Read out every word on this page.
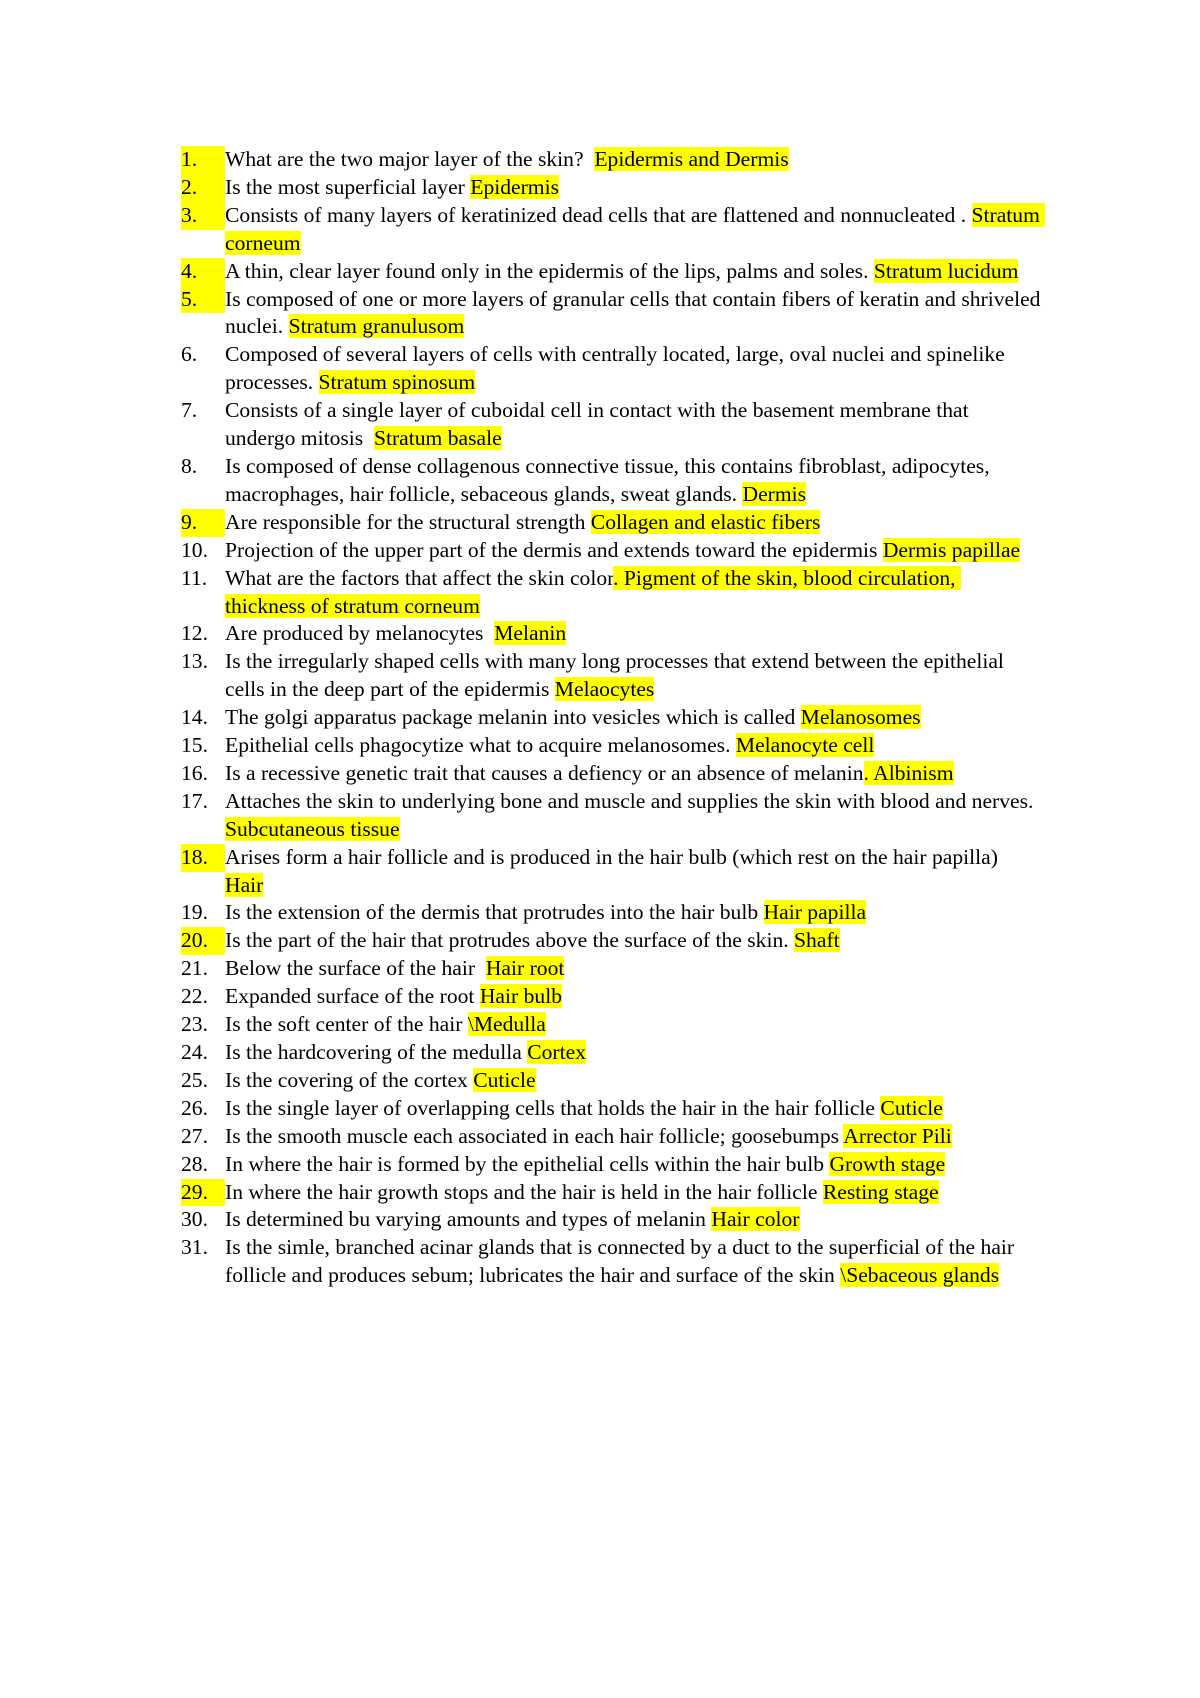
1.	What are the two major layer of the skin?  Epidermis and Dermis
2.	Is the most superficial layer Epidermis
3.	Consists of many layers of keratinized dead cells that are flattened and nonnucleated . Stratum corneum
4.	A thin, clear layer found only in the epidermis of the lips, palms and soles. Stratum lucidum
5.	Is composed of one or more layers of granular cells that contain fibers of keratin and shriveled nuclei. Stratum granulusom
6.	Composed of several layers of cells with centrally located, large, oval nuclei and spinelike processes. Stratum spinosum
7.	Consists of a single layer of cuboidal cell in contact with the basement membrane that undergo mitosis  Stratum basale
8.	Is composed of dense collagenous connective tissue, this contains fibroblast, adipocytes, macrophages, hair follicle, sebaceous glands, sweat glands. Dermis
9.	Are responsible for the structural strength Collagen and elastic fibers
10. Projection of the upper part of the dermis and extends toward the epidermis Dermis papillae
11. What are the factors that affect the skin color. Pigment of the skin, blood circulation, thickness of stratum corneum
12. Are produced by melanocytes  Melanin
13. Is the irregularly shaped cells with many long processes that extend between the epithelial cells in the deep part of the epidermis Melaocytes
14. The golgi apparatus package melanin into vesicles which is called Melanosomes
15. Epithelial cells phagocytize what to acquire melanosomes. Melanocyte cell
16. Is a recessive genetic trait that causes a defiency or an absence of melanin. Albinism
17. Attaches the skin to underlying bone and muscle and supplies the skin with blood and nerves. Subcutaneous tissue
18. Arises form a hair follicle and is produced in the hair bulb (which rest on the hair papilla) Hair
19. Is the extension of the dermis that protrudes into the hair bulb Hair papilla
20. Is the part of the hair that protrudes above the surface of the skin. Shaft
21. Below the surface of the hair  Hair root
22. Expanded surface of the root Hair bulb
23. Is the soft center of the hair \Medulla
24. Is the hardcovering of the medulla Cortex
25. Is the covering of the cortex Cuticle
26. Is the single layer of overlapping cells that holds the hair in the hair follicle Cuticle
27. Is the smooth muscle each associated in each hair follicle; goosebumps Arrector Pili
28. In where the hair is formed by the epithelial cells within the hair bulb Growth stage
29. In where the hair growth stops and the hair is held in the hair follicle Resting stage
30. Is determined bu varying amounts and types of melanin Hair color
31. Is the simle, branched acinar glands that is connected by a duct to the superficial of the hair follicle and produces sebum; lubricates the hair and surface of the skin \Sebaceous glands
